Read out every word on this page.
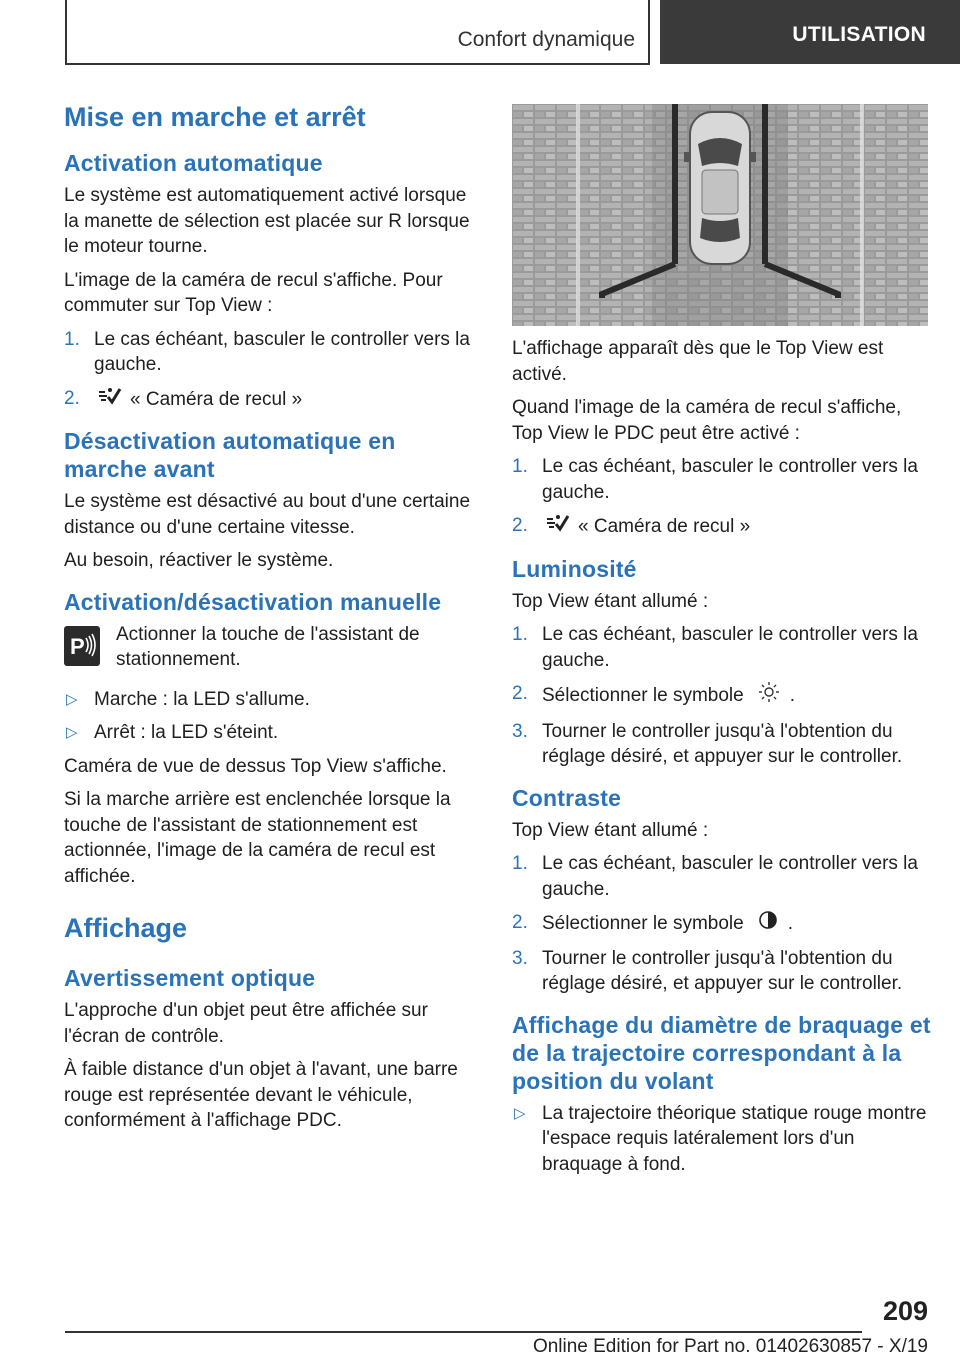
Confort dynamique	UTILISATION
Mise en marche et arrêt
Activation automatique

Le système est automatiquement activé lorsque la manette de sélection est placée sur R lorsque le moteur tourne.

L'image de la caméra de recul s'affiche. Pour commuter sur Top View :

1. Le cas échéant, basculer le controller vers la gauche.
2.	« Caméra de recul »
Désactivation automatique en marche avant

Le système est désactivé au bout d'une certaine distance ou d'une certaine vitesse.

Au besoin, réactiver le système.

Activation/désactivation manuelle
P Actionner la touche de l'assistant de stationnement.

▷ Marche : la LED s'allume.
▷ Arrêt : la LED s'éteint.

Caméra de vue de dessus Top View s'affiche.

Si la marche arrière est enclenchée lorsque la touche de l'assistant de stationnement est actionnée, l'image de la caméra de recul est affichée.

Affichage
Avertissement optique

L'approche d'un objet peut être affichée sur l'écran de contrôle.

À faible distance d'un objet à l'avant, une barre rouge est représentée devant le véhicule, conformément à l'affichage PDC.

L'affichage apparaît dès que le Top View est activé.

Quand l'image de la caméra de recul s'affiche, Top View le PDC peut être activé :

1. Le cas échéant, basculer le controller vers la gauche.
2.	« Caméra de recul »
Luminosité

Top View étant allumé :

1. Le cas échéant, basculer le controller vers la gauche.
2. Sélectionner le symbole .
3. Tourner le controller jusqu'à l'obtention du réglage désiré, et appuyer sur le controller.
Contraste

Top View étant allumé :

1. Le cas échéant, basculer le controller vers la gauche.
2. Sélectionner le symbole .
3. Tourner le controller jusqu'à l'obtention du réglage désiré, et appuyer sur le controller.
Affichage du diamètre de braquage et de la trajectoire correspondant à la position du volant
▷ La trajectoire théorique statique rouge montre l'espace requis latéralement lors d'un braquage à fond.
209
Online Edition for Part no. 01402630857 - X/19
